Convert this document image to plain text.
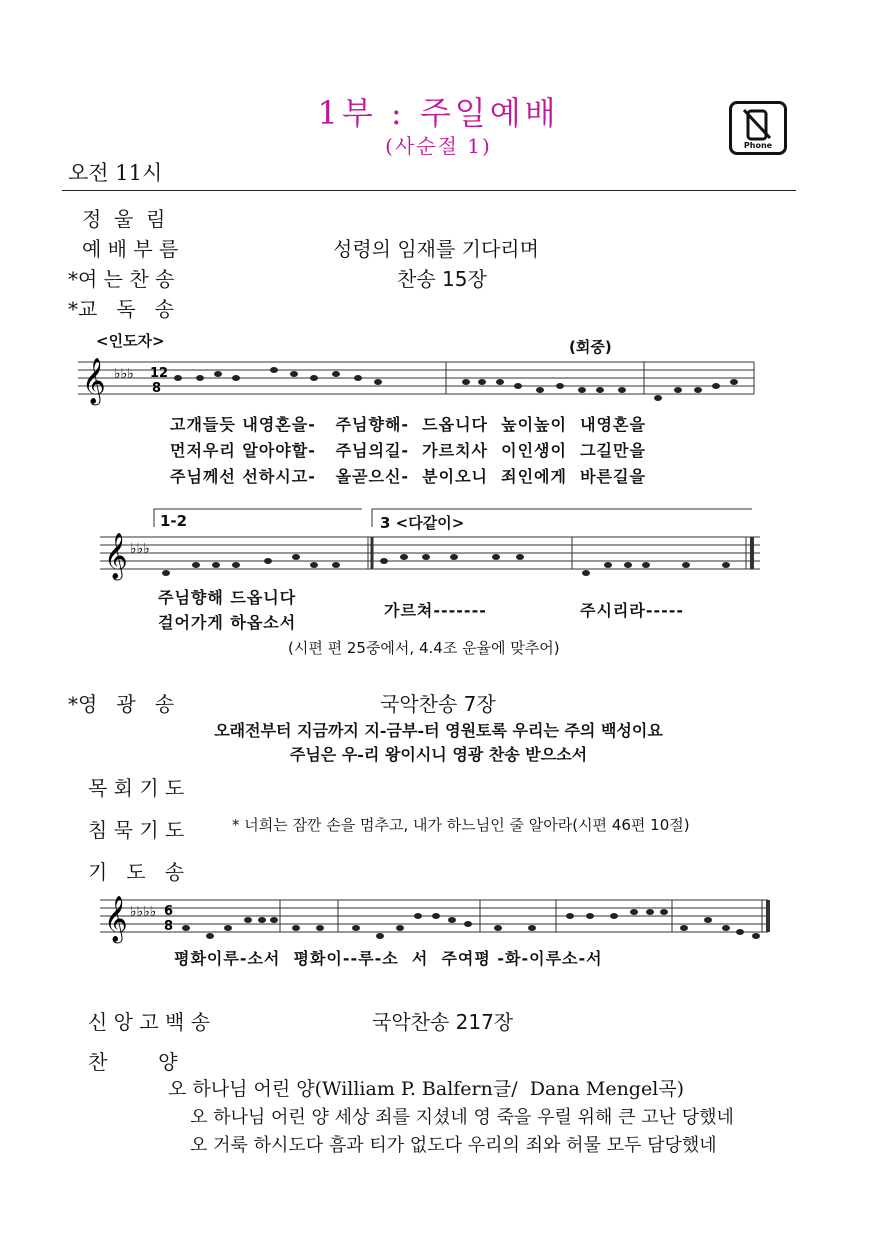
1부 : 주일예배
(사순절 1)	Phone
오전 11시
정  울  림
예 배 부 름	성령의 임재를 기다리며
*여 는 찬 송	찬송 15장
*교   독   송
<인도자>	(회중)
𝄞 ♭♭♭ 12
8
고개들듯 내영혼을-   주님향해-  드옵니다  높이높이  내영혼을
먼저우리 알아야할-   주님의길-  가르치사  이인생이  그길만을
주님께선 선하시고-   올곧으신-  분이오니  죄인에게  바른길을
𝄞 ♭♭♭
1-2	3 <다같이>
주님향해 드옵니다
걸어가게 하옵소서
가르쳐-------	주시리라-----
(시편 편 25중에서, 4.4조 운율에 맞추어)
*영   광   송	국악찬송 7장
오래전부터 지금까지 지-금부-터 영원토록 우리는 주의 백성이요
주님은 우-리 왕이시니 영광 찬송 받으소서
목 회 기 도
침 묵 기 도	* 너희는 잠깐 손을 멈추고, 내가 하느님인 줄 알아라(시편 46편 10절)
기   도   송
𝄞 ♭♭♭♭ 6
8
평화이루-소서  평화이--루-소  서  주여평 -화-이루소-서
신 앙 고 백 송	국악찬송 217장
찬        양
오 하나님 어린 양(William P. Balfern글/  Dana Mengel곡)
오 하나님 어린 양 세상 죄를 지셨네 영 죽을 우릴 위해 큰 고난 당했네
오 거룩 하시도다 흠과 티가 없도다 우리의 죄와 허물 모두 담당했네
